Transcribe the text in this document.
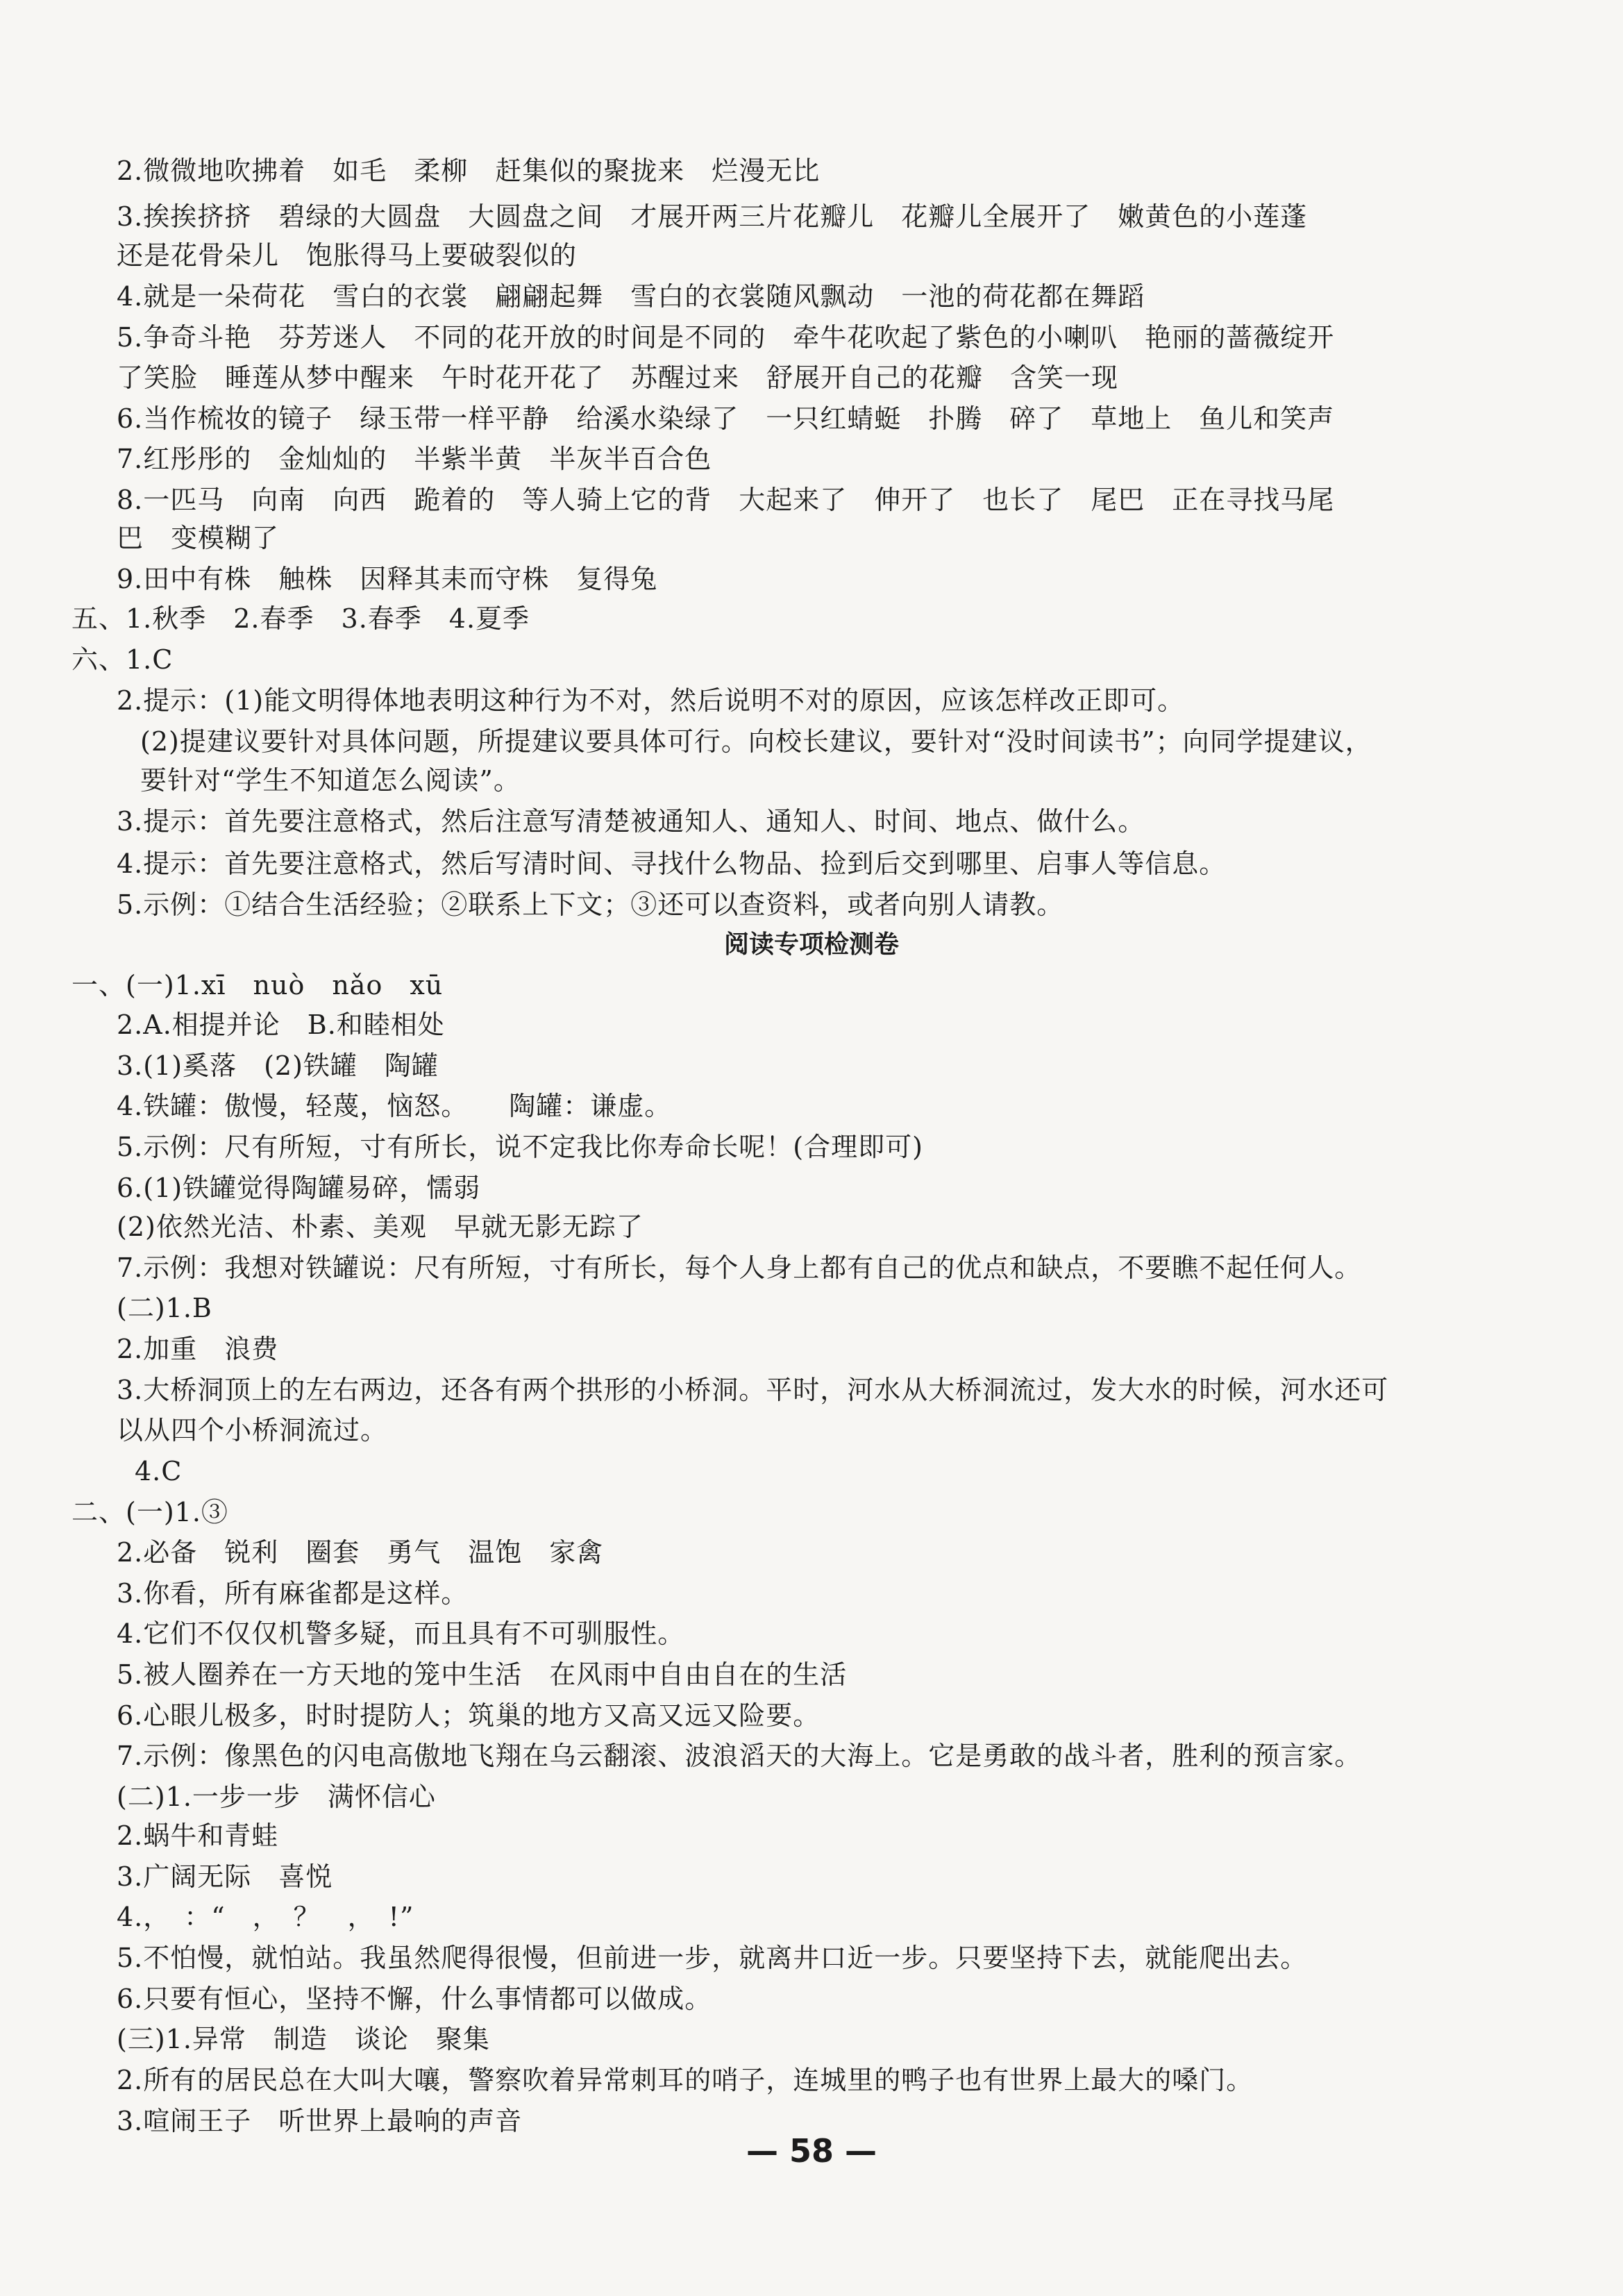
2.微微地吹拂着　如毛　柔柳　赶集似的聚拢来　烂漫无比
3.挨挨挤挤　碧绿的大圆盘　大圆盘之间　才展开两三片花瓣儿　花瓣儿全展开了　嫩黄色的小莲蓬
还是花骨朵儿　饱胀得马上要破裂似的
4.就是一朵荷花　雪白的衣裳　翩翩起舞　雪白的衣裳随风飘动　一池的荷花都在舞蹈
5.争奇斗艳　芬芳迷人　不同的花开放的时间是不同的　牵牛花吹起了紫色的小喇叭　艳丽的蔷薇绽开
了笑脸　睡莲从梦中醒来　午时花开花了　苏醒过来　舒展开自己的花瓣　含笑一现
6.当作梳妆的镜子　绿玉带一样平静　给溪水染绿了　一只红蜻蜓　扑腾　碎了　草地上　鱼儿和笑声
7.红彤彤的　金灿灿的　半紫半黄　半灰半百合色
8.一匹马　向南　向西　跪着的　等人骑上它的背　大起来了　伸开了　也长了　尾巴　正在寻找马尾
巴　变模糊了
9.田中有株　触株　因释其耒而守株　复得兔
五、1.秋季　2.春季　3.春季　4.夏季
六、1.C
2.提示：(1)能文明得体地表明这种行为不对，然后说明不对的原因，应该怎样改正即可。
(2)提建议要针对具体问题，所提建议要具体可行。向校长建议，要针对“没时间读书”；向同学提建议，
要针对“学生不知道怎么阅读”。
3.提示：首先要注意格式，然后注意写清楚被通知人、通知人、时间、地点、做什么。
4.提示：首先要注意格式，然后写清时间、寻找什么物品、捡到后交到哪里、启事人等信息。
5.示例：①结合生活经验；②联系上下文；③还可以查资料，或者向别人请教。
阅读专项检测卷
一、(一)1.xī　nuò　nǎo　xū
2.A.相提并论　B.和睦相处
3.(1)奚落　(2)铁罐　陶罐
4.铁罐：傲慢，轻蔑，恼怒。　　陶罐：谦虚。
5.示例：尺有所短，寸有所长，说不定我比你寿命长呢！(合理即可)
6.(1)铁罐觉得陶罐易碎，懦弱
(2)依然光洁、朴素、美观　早就无影无踪了
7.示例：我想对铁罐说：尺有所短，寸有所长，每个人身上都有自己的优点和缺点，不要瞧不起任何人。
(二)1.B
2.加重　浪费
3.大桥洞顶上的左右两边，还各有两个拱形的小桥洞。平时，河水从大桥洞流过，发大水的时候，河水还可
以从四个小桥洞流过。
4.C
二、(一)1.③
2.必备　锐利　圈套　勇气　温饱　家禽
3.你看，所有麻雀都是这样。
4.它们不仅仅机警多疑，而且具有不可驯服性。
5.被人圈养在一方天地的笼中生活　在风雨中自由自在的生活
6.心眼儿极多，时时提防人；筑巢的地方又高又远又险要。
7.示例：像黑色的闪电高傲地飞翔在乌云翻滚、波浪滔天的大海上。它是勇敢的战斗者，胜利的预言家。
(二)1.一步一步　满怀信心
2.蜗牛和青蛙
3.广阔无际　喜悦
4.，　：“　，　？　，　!”
5.不怕慢，就怕站。我虽然爬得很慢，但前进一步，就离井口近一步。只要坚持下去，就能爬出去。
6.只要有恒心，坚持不懈，什么事情都可以做成。
(三)1.异常　制造　谈论　聚集
2.所有的居民总在大叫大嚷，警察吹着异常刺耳的哨子，连城里的鸭子也有世界上最大的嗓门。
3.喧闹王子　听世界上最响的声音
— 58 —
